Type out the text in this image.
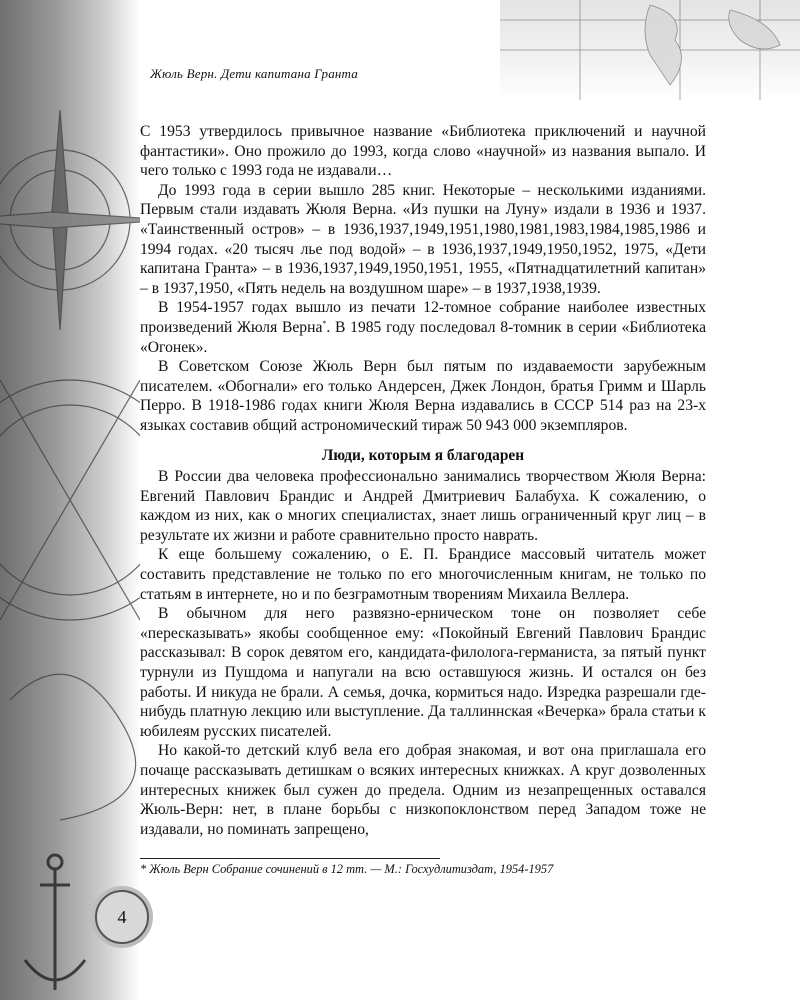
Жюль Верн. Дети капитана Гранта

С 1953 утвердилось привычное название «Библиотека приключений и научной фантастики». Оно прожило до 1993, когда слово «научной» из названия выпало. И чего только с 1993 года не издавали…

До 1993 года в серии вышло 285 книг. Некоторые – несколькими изданиями. Первым стали издавать Жюля Верна. «Из пушки на Луну» издали в 1936 и 1937. «Таинственный остров» – в 1936,1937,1949,1951,1980,1981,1983,1984,1985,1986 и 1994 годах. «20 тысяч лье под водой» – в 1936,1937,1949,1950,1952, 1975, «Дети капитана Гранта» – в 1936,1937,1949,1950,1951, 1955, «Пятнадцатилетний капитан» – в 1937,1950, «Пять недель на воздушном шаре» – в 1937,1938,1939.

В 1954-1957 годах вышло из печати 12-томное собрание наиболее известных произведений Жюля Верна*. В 1985 году последовал 8-томник в серии «Библиотека «Огонек».

В Советском Союзе Жюль Верн был пятым по издаваемости зарубежным писателем. «Обогнали» его только Андерсен, Джек Лондон, братья Гримм и Шарль Перро. В 1918-1986 годах книги Жюля Верна издавались в СССР 514 раз на 23-х языках составив общий астрономический тираж 50 943 000 экземпляров.

Люди, которым я благодарен

В России два человека профессионально занимались творчеством Жюля Верна: Евгений Павлович Брандис и Андрей Дмитриевич Балабуха. К сожалению, о каждом из них, как о многих специалистах, знает лишь ограниченный круг лиц – в результате их жизни и работе сравнительно просто наврать.

К еще большему сожалению, о Е. П. Брандисе массовый читатель может составить представление не только по его многочисленным книгам, не только по статьям в интернете, но и по безграмотным творениям Михаила Веллера.

В обычном для него развязно-ерническом тоне он позволяет себе «пересказывать» якобы сообщенное ему: «Покойный Евгений Павлович Брандис рассказывал: В сорок девятом его, кандидата-филолога-германиста, за пятый пункт турнули из Пушдома и напугали на всю оставшуюся жизнь. И остался он без работы. И никуда не брали. А семья, дочка, кормиться надо. Изредка разрешали где-нибудь платную лекцию или выступление. Да таллиннская «Вечерка» брала статьи к юбилеям русских писателей.

Но какой-то детский клуб вела его добрая знакомая, и вот она приглашала его почаще рассказывать детишкам о всяких интересных книжках. А круг дозволенных интересных книжек был сужен до предела. Одним из незапрещенных оставался Жюль-Верн: нет, в плане борьбы с низкопоклонством перед Западом тоже не издавали, но поминать запрещено,

* Жюль Верн Собрание сочинений в 12 тт. — М.: Госхудлитиздат, 1954-1957
4
